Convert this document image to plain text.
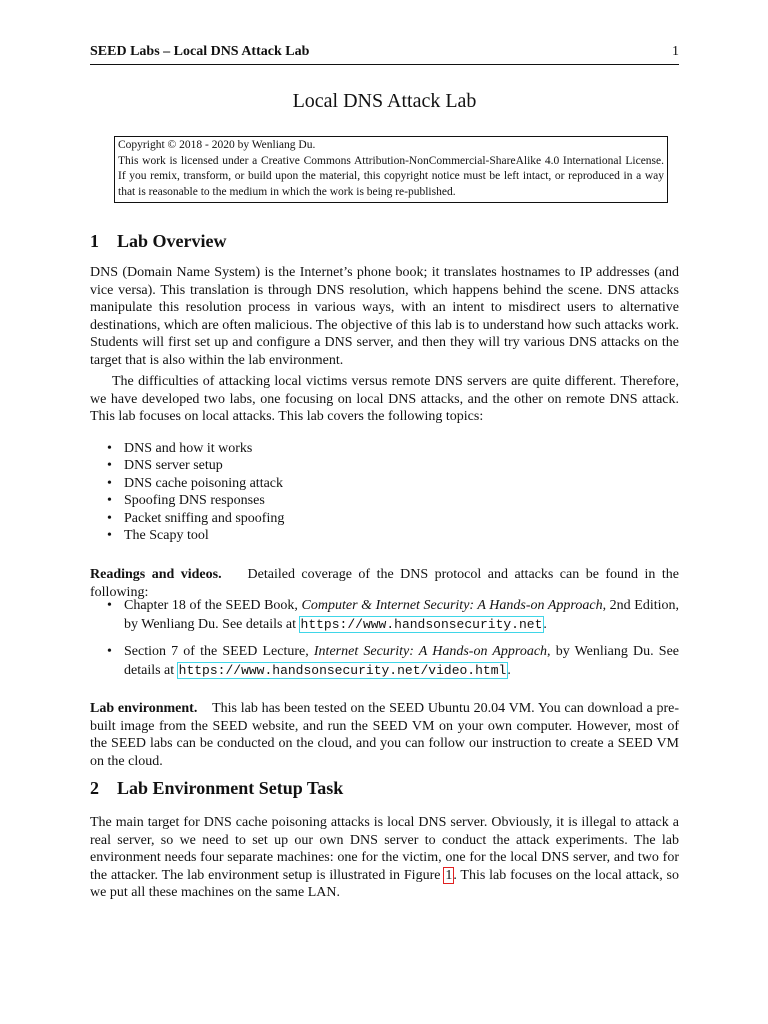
SEED Labs – Local DNS Attack Lab	1
Local DNS Attack Lab
Copyright © 2018 - 2020 by Wenliang Du.
This work is licensed under a Creative Commons Attribution-NonCommercial-ShareAlike 4.0 International License. If you remix, transform, or build upon the material, this copyright notice must be left intact, or reproduced in a way that is reasonable to the medium in which the work is being re-published.
1 Lab Overview
DNS (Domain Name System) is the Internet’s phone book; it translates hostnames to IP addresses (and vice versa). This translation is through DNS resolution, which happens behind the scene. DNS attacks manipulate this resolution process in various ways, with an intent to misdirect users to alternative destinations, which are often malicious. The objective of this lab is to understand how such attacks work. Students will first set up and configure a DNS server, and then they will try various DNS attacks on the target that is also within the lab environment.
The difficulties of attacking local victims versus remote DNS servers are quite different. Therefore, we have developed two labs, one focusing on local DNS attacks, and the other on remote DNS attack. This lab focuses on local attacks. This lab covers the following topics:
• DNS and how it works
• DNS server setup
• DNS cache poisoning attack
• Spoofing DNS responses
• Packet sniffing and spoofing
• The Scapy tool
Readings and videos. Detailed coverage of the DNS protocol and attacks can be found in the following:
• Chapter 18 of the SEED Book, Computer & Internet Security: A Hands-on Approach, 2nd Edition, by Wenliang Du. See details at https://www.handsonsecurity.net.
• Section 7 of the SEED Lecture, Internet Security: A Hands-on Approach, by Wenliang Du. See details at https://www.handsonsecurity.net/video.html.
Lab environment. This lab has been tested on the SEED Ubuntu 20.04 VM. You can download a pre-built image from the SEED website, and run the SEED VM on your own computer. However, most of the SEED labs can be conducted on the cloud, and you can follow our instruction to create a SEED VM on the cloud.
2 Lab Environment Setup Task
The main target for DNS cache poisoning attacks is local DNS server. Obviously, it is illegal to attack a real server, so we need to set up our own DNS server to conduct the attack experiments. The lab environment needs four separate machines: one for the victim, one for the local DNS server, and two for the attacker. The lab environment setup is illustrated in Figure 1. This lab focuses on the local attack, so we put all these machines on the same LAN.
